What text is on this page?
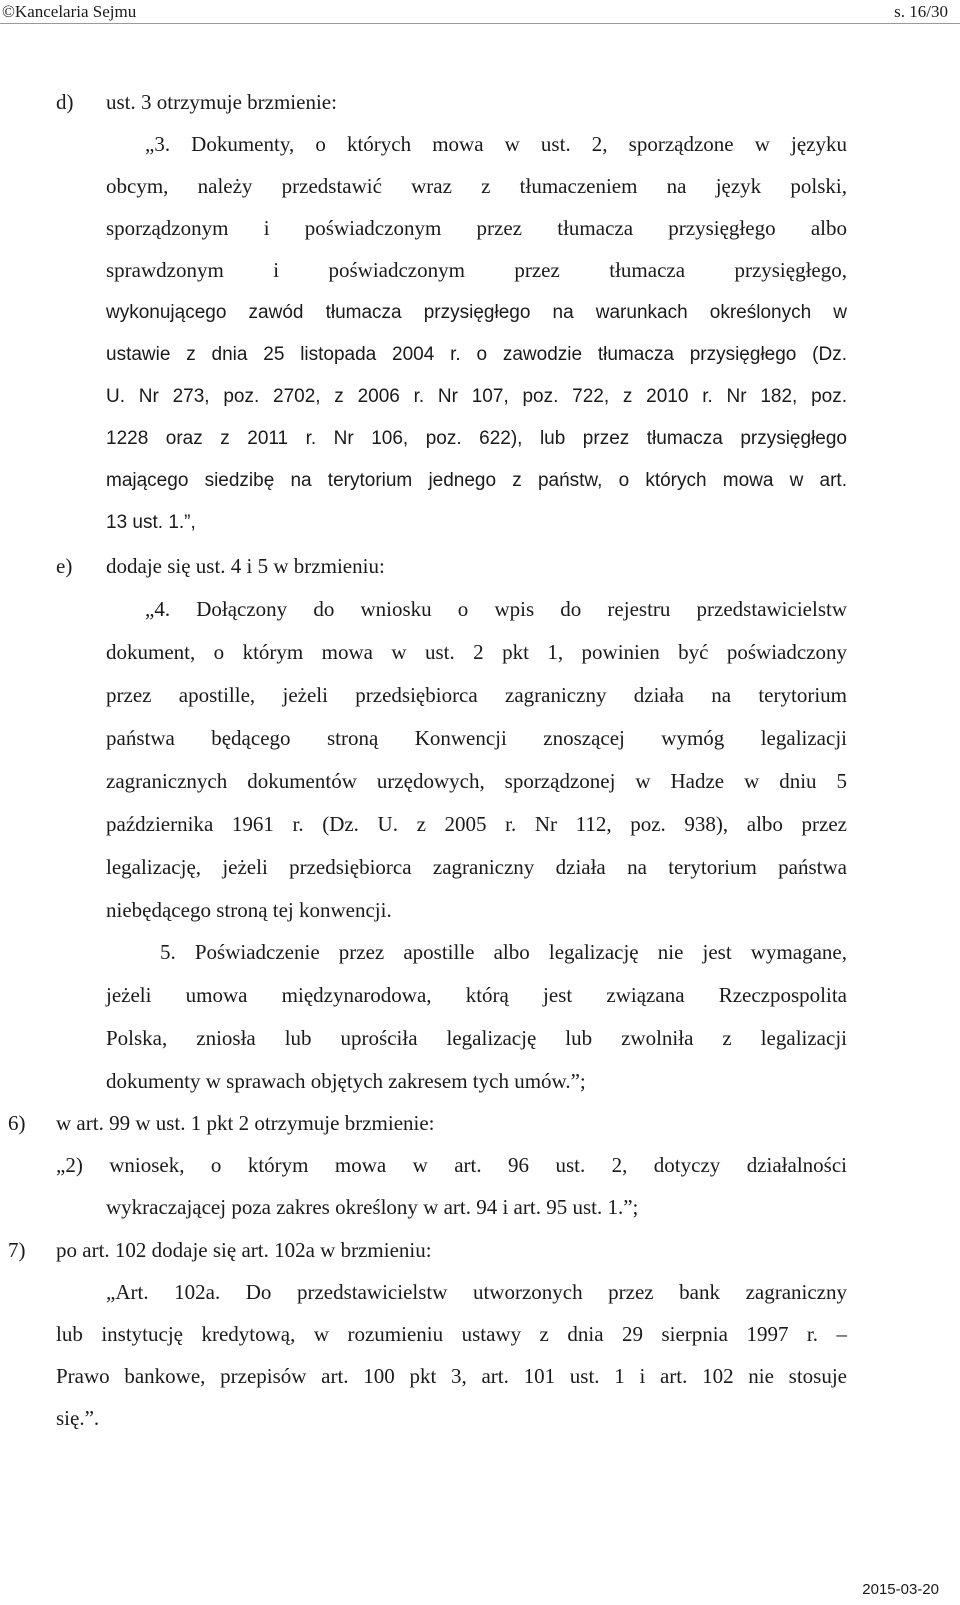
©Kancelaria Sejmu	s. 16/30
d) ust. 3 otrzymuje brzmienie:
„3. Dokumenty, o których mowa w ust. 2, sporządzone w języku
obcym, należy przedstawić wraz z tłumaczeniem na język polski,
sporządzonym i poświadczonym przez tłumacza przysięgłego albo
sprawdzonym i poświadczonym przez tłumacza przysięgłego,
wykonującego zawód tłumacza przysięgłego na warunkach określonych w
ustawie z dnia 25 listopada 2004 r. o zawodzie tłumacza przysięgłego (Dz.
U. Nr 273, poz. 2702, z 2006 r. Nr 107, poz. 722, z 2010 r. Nr 182, poz.
1228 oraz z 2011 r. Nr 106, poz. 622), lub przez tłumacza przysięgłego
mającego siedzibę na terytorium jednego z państw, o których mowa w art.
13 ust. 1.”,
e) dodaje się ust. 4 i 5 w brzmieniu:
„4. Dołączony do wniosku o wpis do rejestru przedstawicielstw
dokument, o którym mowa w ust. 2 pkt 1, powinien być poświadczony
przez apostille, jeżeli przedsiębiorca zagraniczny działa na terytorium
państwa będącego stroną Konwencji znoszącej wymóg legalizacji
zagranicznych dokumentów urzędowych, sporządzonej w Hadze w dniu 5
października 1961 r. (Dz. U. z 2005 r. Nr 112, poz. 938), albo przez
legalizację, jeżeli przedsiębiorca zagraniczny działa na terytorium państwa
niebędącego stroną tej konwencji.
5. Poświadczenie przez apostille albo legalizację nie jest wymagane,
jeżeli umowa międzynarodowa, którą jest związana Rzeczpospolita
Polska, zniosła lub uprościła legalizację lub zwolniła z legalizacji
dokumenty w sprawach objętych zakresem tych umów.”;
6) w art. 99 w ust. 1 pkt 2 otrzymuje brzmienie:
„2) wniosek, o którym mowa w art. 96 ust. 2, dotyczy działalności
wykraczającej poza zakres określony w art. 94 i art. 95 ust. 1.”;
7) po art. 102 dodaje się art. 102a w brzmieniu:
„Art. 102a. Do przedstawicielstw utworzonych przez bank zagraniczny
lub instytucję kredytową, w rozumieniu ustawy z dnia 29 sierpnia 1997 r. –
Prawo bankowe, przepisów art. 100 pkt 3, art. 101 ust. 1 i art. 102 nie stosuje
się.”.
2015-03-20
